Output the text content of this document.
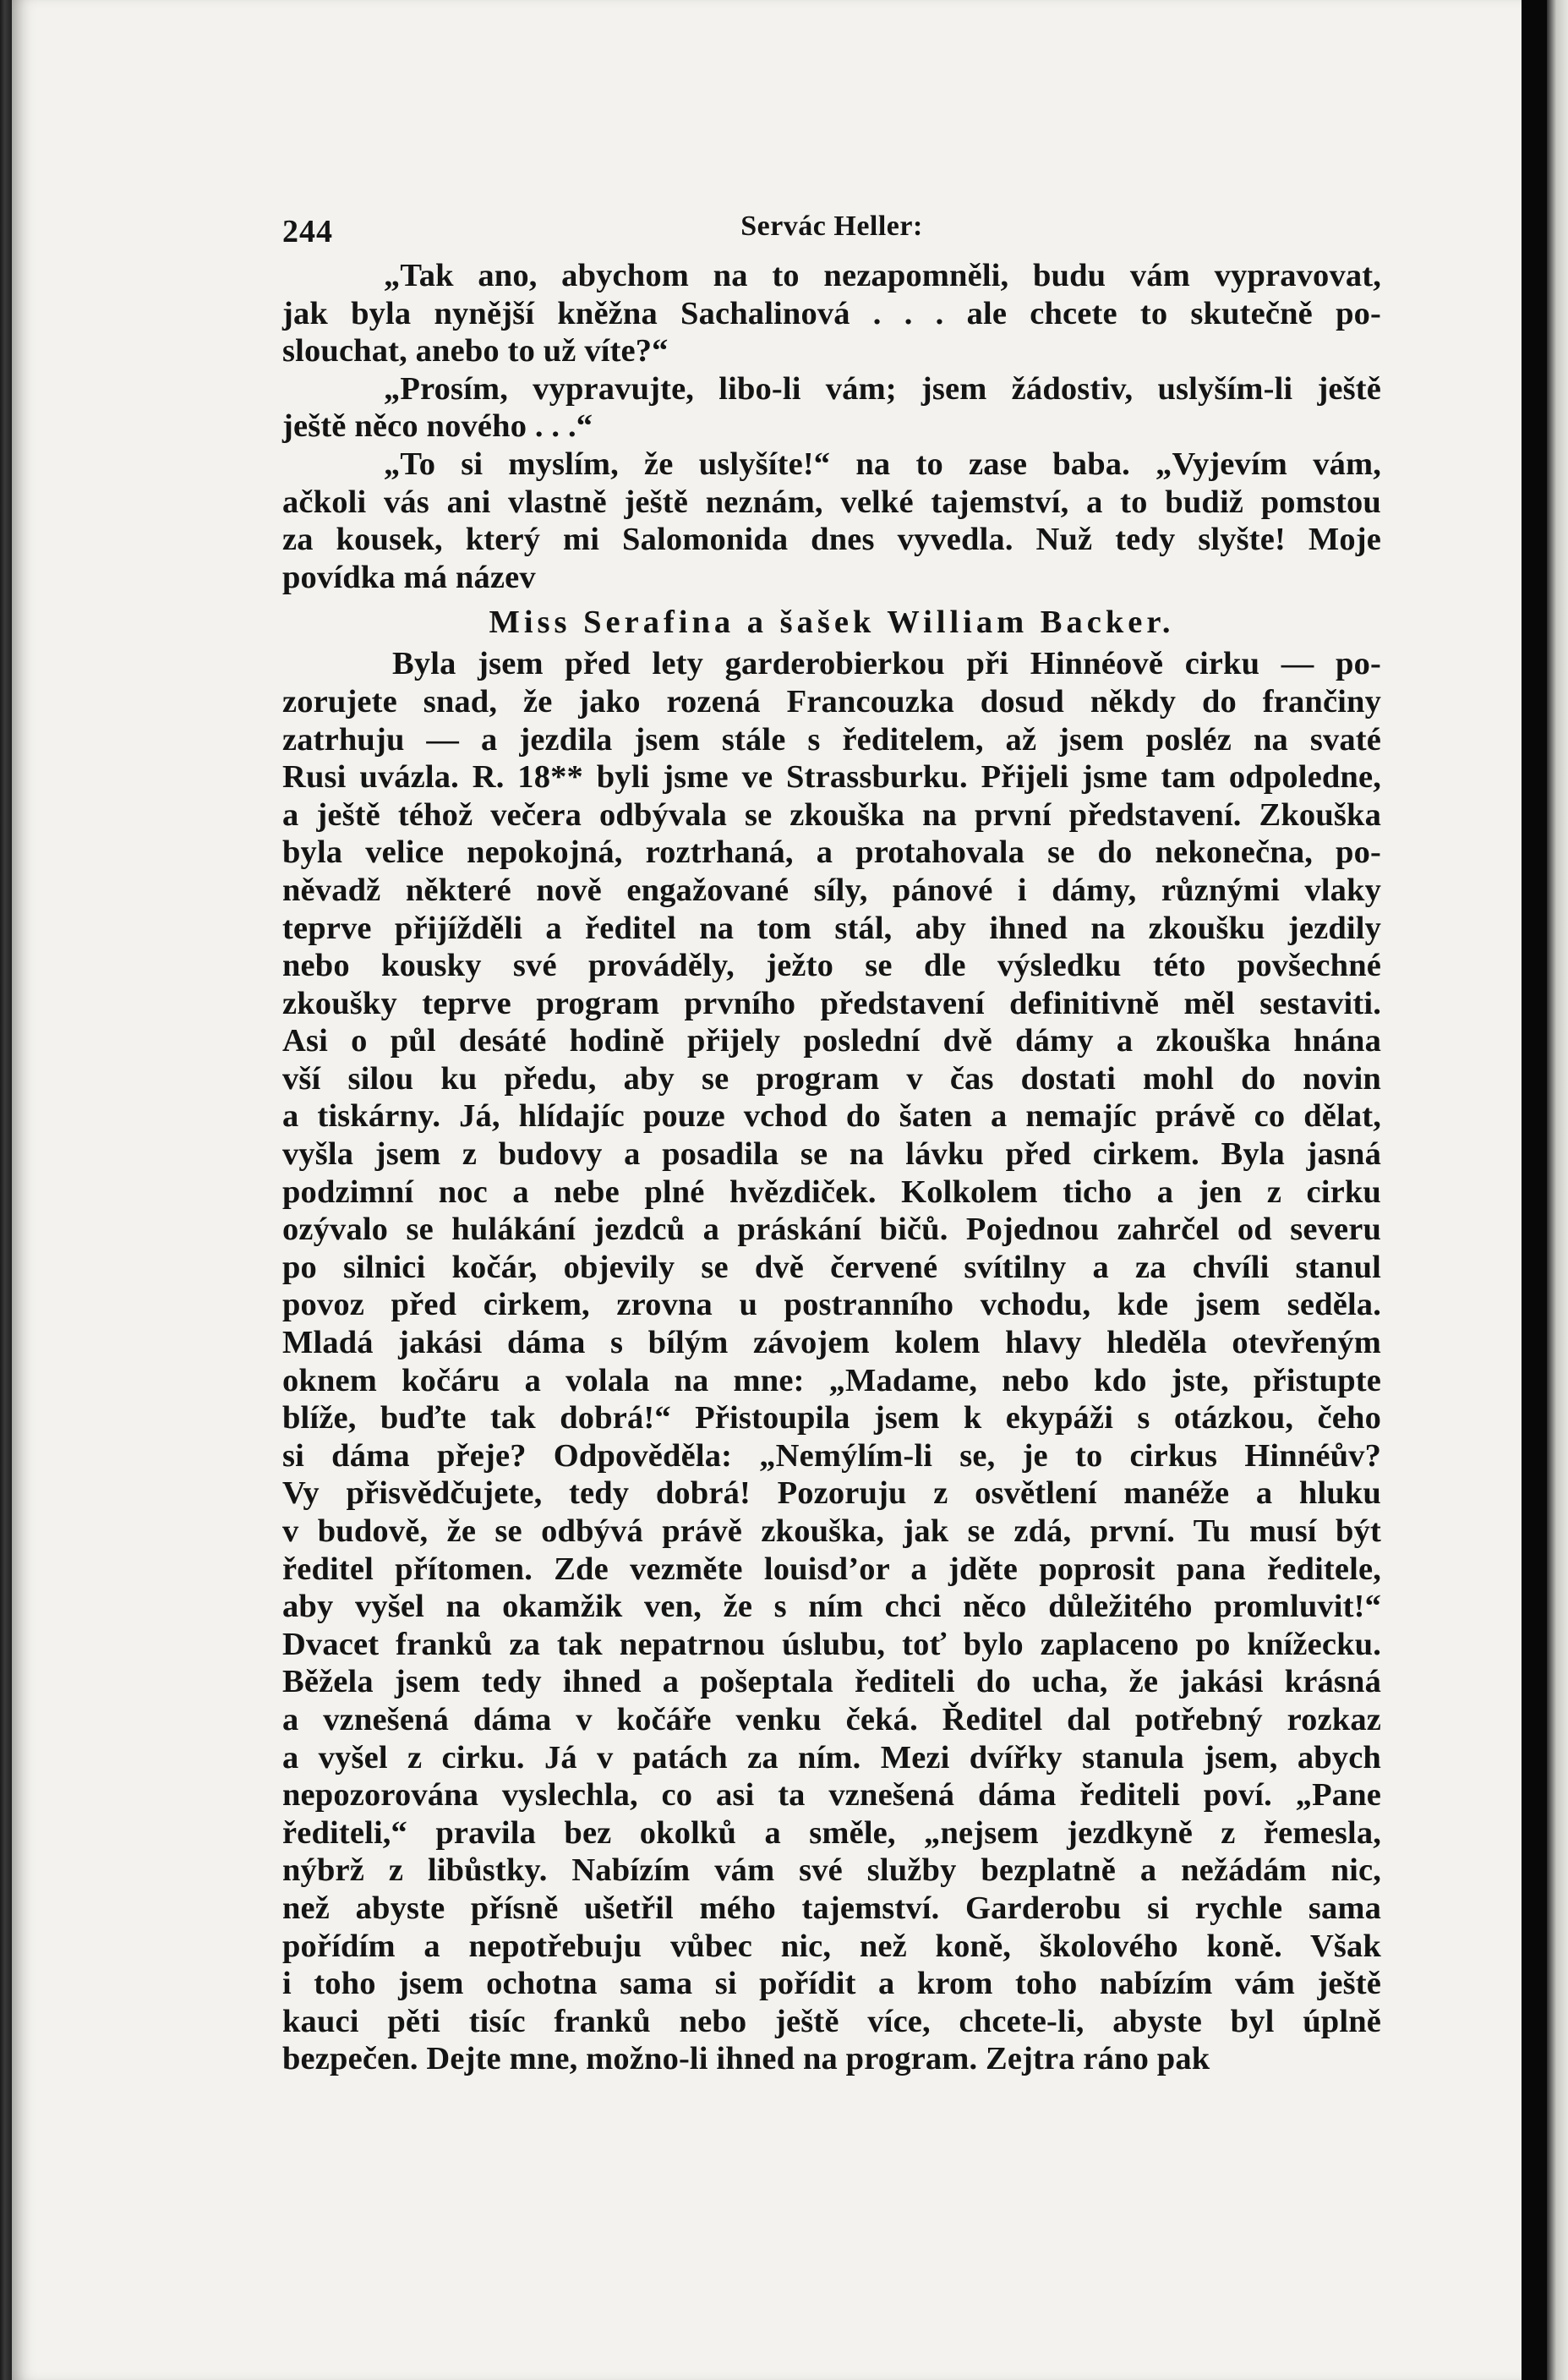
244	Servác Heller:
„Tak ano, abychom na to nezapomněli, budu vám vypravovat,
jak byla nynější kněžna Sachalinová . . . ale chcete to skutečně po-
slouchat, anebo to už víte?“
„Prosím, vypravujte, libo-li vám; jsem žádostiv, uslyším-li ještě
ještě něco nového . . .“
„To si myslím, že uslyšíte!“ na to zase baba. „Vyjevím vám,
ačkoli vás ani vlastně ještě neznám, velké tajemství, a to budiž pomstou
za kousek, který mi Salomonida dnes vyvedla. Nuž tedy slyšte! Moje
povídka má název
Miss Serafina a šašek William Backer.
Byla jsem před lety garderobierkou při Hinnéově cirku — po-
zorujete snad, že jako rozená Francouzka dosud někdy do frančiny
zatrhuju — a jezdila jsem stále s ředitelem, až jsem posléz na svaté
Rusi uvázla. R. 18** byli jsme ve Strassburku. Přijeli jsme tam odpoledne,
a ještě téhož večera odbývala se zkouška na první představení. Zkouška
byla velice nepokojná, roztrhaná, a protahovala se do nekonečna, po-
něvadž některé nově engažované síly, pánové i dámy, různými vlaky
teprve přijížděli a ředitel na tom stál, aby ihned na zkoušku jezdily
nebo kousky své prováděly, ježto se dle výsledku této povšechné
zkoušky teprve program prvního představení definitivně měl sestaviti.
Asi o půl desáté hodině přijely poslední dvě dámy a zkouška hnána
vší silou ku předu, aby se program v čas dostati mohl do novin
a tiskárny. Já, hlídajíc pouze vchod do šaten a nemajíc právě co dělat,
vyšla jsem z budovy a posadila se na lávku před cirkem. Byla jasná
podzimní noc a nebe plné hvězdiček. Kolkolem ticho a jen z cirku
ozývalo se hulákání jezdců a práskání bičů. Pojednou zahrčel od severu
po silnici kočár, objevily se dvě červené svítilny a za chvíli stanul
povoz před cirkem, zrovna u postranního vchodu, kde jsem seděla.
Mladá jakási dáma s bílým závojem kolem hlavy hleděla otevřeným
oknem kočáru a volala na mne: „Madame, nebo kdo jste, přistupte
blíže, buďte tak dobrá!“ Přistoupila jsem k ekypáži s otázkou, čeho
si dáma přeje? Odpověděla: „Nemýlím-li se, je to cirkus Hinnéův?
Vy přisvědčujete, tedy dobrá! Pozoruju z osvětlení manéže a hluku
v budově, že se odbývá právě zkouška, jak se zdá, první. Tu musí být
ředitel přítomen. Zde vezměte louisd’or a jděte poprosit pana ředitele,
aby vyšel na okamžik ven, že s ním chci něco důležitého promluvit!“
Dvacet franků za tak nepatrnou úslubu, toť bylo zaplaceno po knížecku.
Běžela jsem tedy ihned a pošeptala řediteli do ucha, že jakási krásná
a vznešená dáma v kočáře venku čeká. Ředitel dal potřebný rozkaz
a vyšel z cirku. Já v patách za ním. Mezi dvířky stanula jsem, abych
nepozorována vyslechla, co asi ta vznešená dáma řediteli poví. „Pane
řediteli,“ pravila bez okolků a směle, „nejsem jezdkyně z řemesla,
nýbrž z libůstky. Nabízím vám své služby bezplatně a nežádám nic,
než abyste přísně ušetřil mého tajemství. Garderobu si rychle sama
pořídím a nepotřebuju vůbec nic, než koně, školového koně. Však
i toho jsem ochotna sama si pořídit a krom toho nabízím vám ještě
kauci pěti tisíc franků nebo ještě více, chcete-li, abyste byl úplně
bezpečen. Dejte mne, možno-li ihned na program. Zejtra ráno pak
